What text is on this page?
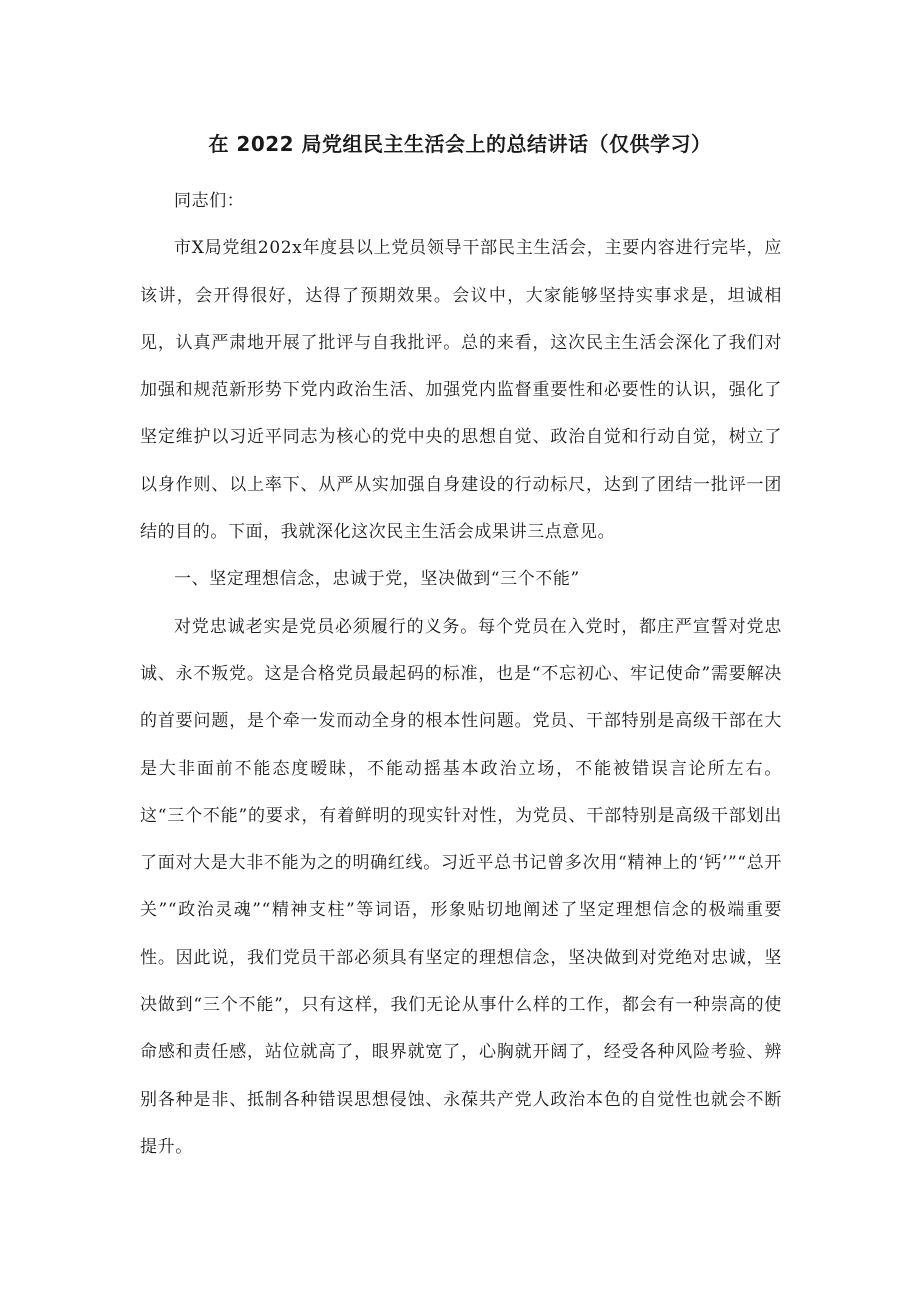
在 2022 局党组民主生活会上的总结讲话（仅供学习）

同志们：

市X局党组202x年度县以上党员领导干部民主生活会，主要内容进行完毕，应该讲，会开得很好，达得了预期效果。会议中，大家能够坚持实事求是，坦诚相见，认真严肃地开展了批评与自我批评。总的来看，这次民主生活会深化了我们对加强和规范新形势下党内政治生活、加强党内监督重要性和必要性的认识，强化了坚定维护以习近平同志为核心的党中央的思想自觉、政治自觉和行动自觉，树立了以身作则、以上率下、从严从实加强自身建设的行动标尺，达到了团结一批评一团结的目的。下面，我就深化这次民主生活会成果讲三点意见。

一、坚定理想信念，忠诚于党，坚决做到“三个不能”

对党忠诚老实是党员必须履行的义务。每个党员在入党时，都庄严宣誓对党忠诚、永不叛党。这是合格党员最起码的标准，也是“不忘初心、牢记使命”需要解决的首要问题，是个牵一发而动全身的根本性问题。党员、干部特别是高级干部在大是大非面前不能态度暧昧，不能动摇基本政治立场，不能被错误言论所左右。这“三个不能”的要求，有着鲜明的现实针对性，为党员、干部特别是高级干部划出了面对大是大非不能为之的明确红线。习近平总书记曾多次用“精神上的‘钙’”“总开关”“政治灵魂”“精神支柱”等词语，形象贴切地阐述了坚定理想信念的极端重要性。因此说，我们党员干部必须具有坚定的理想信念，坚决做到对党绝对忠诚，坚决做到“三个不能”，只有这样，我们无论从事什么样的工作，都会有一种崇高的使命感和责任感，站位就高了，眼界就宽了，心胸就开阔了，经受各种风险考验、辨别各种是非、抵制各种错误思想侵蚀、永葆共产党人政治本色的自觉性也就会不断提升。
